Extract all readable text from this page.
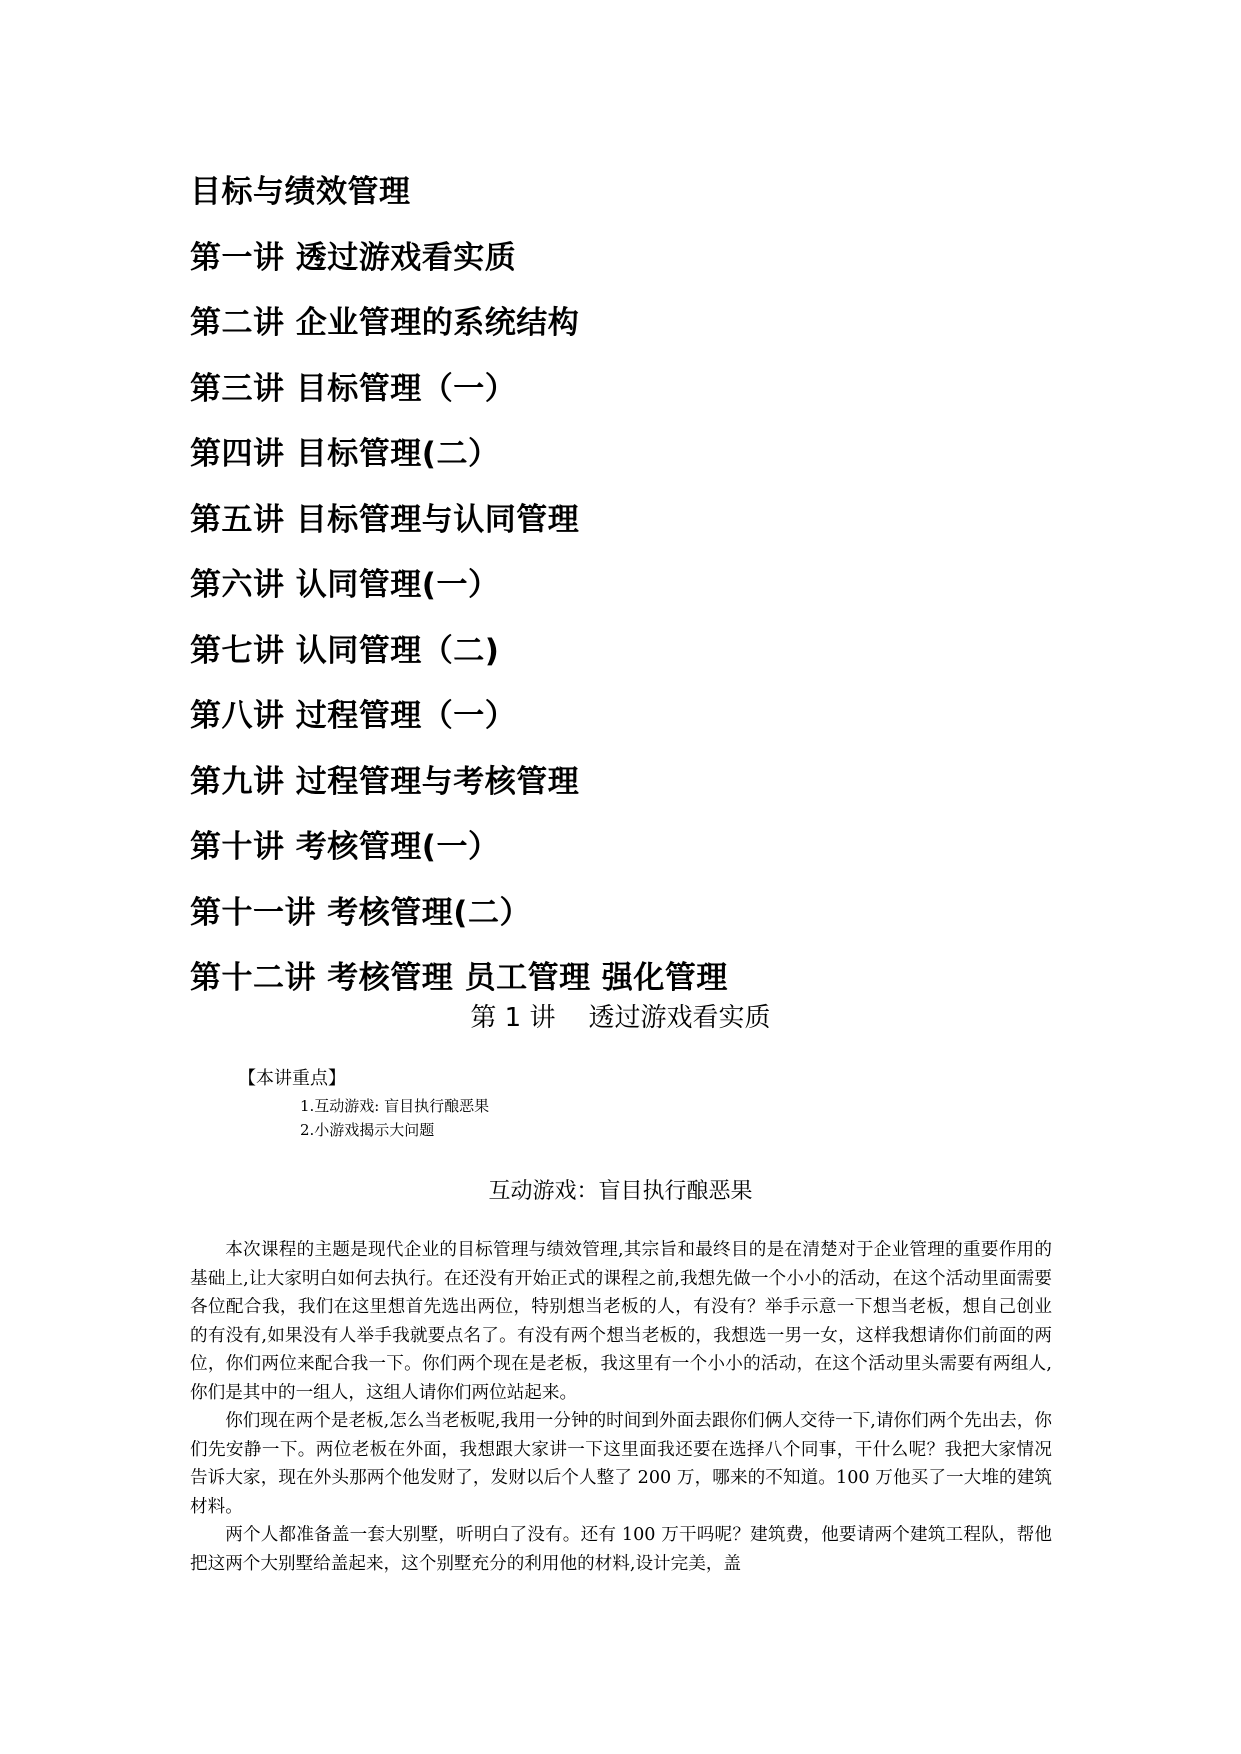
目标与绩效管理
第一讲 透过游戏看实质
第二讲 企业管理的系统结构
第三讲 目标管理（一）
第四讲 目标管理(二）
第五讲 目标管理与认同管理
第六讲 认同管理(一）
第七讲 认同管理（二)
第八讲 过程管理（一）
第九讲 过程管理与考核管理
第十讲 考核管理(一）
第十一讲 考核管理(二）
第十二讲 考核管理 员工管理 强化管理
第 1 讲    透过游戏看实质
【本讲重点】
1.互动游戏: 盲目执行酿恶果
2.小游戏揭示大问题
互动游戏：盲目执行酿恶果

本次课程的主题是现代企业的目标管理与绩效管理,其宗旨和最终目的是在清楚对于企业管理的重要作用的基础上,让大家明白如何去执行。在还没有开始正式的课程之前,我想先做一个小小的活动，在这个活动里面需要各位配合我，我们在这里想首先选出两位，特别想当老板的人，有没有？举手示意一下想当老板，想自己创业的有没有,如果没有人举手我就要点名了。有没有两个想当老板的，我想选一男一女，这样我想请你们前面的两位，你们两位来配合我一下。你们两个现在是老板，我这里有一个小小的活动，在这个活动里头需要有两组人,你们是其中的一组人，这组人请你们两位站起来。

你们现在两个是老板,怎么当老板呢,我用一分钟的时间到外面去跟你们俩人交待一下,请你们两个先出去，你们先安静一下。两位老板在外面，我想跟大家讲一下这里面我还要在选择八个同事，干什么呢？我把大家情况告诉大家，现在外头那两个他发财了，发财以后个人整了 200 万，哪来的不知道。100 万他买了一大堆的建筑材料。

两个人都准备盖一套大别墅，听明白了没有。还有 100 万干吗呢？建筑费，他要请两个建筑工程队，帮他把这两个大别墅给盖起来，这个别墅充分的利用他的材料,设计完美，盖
